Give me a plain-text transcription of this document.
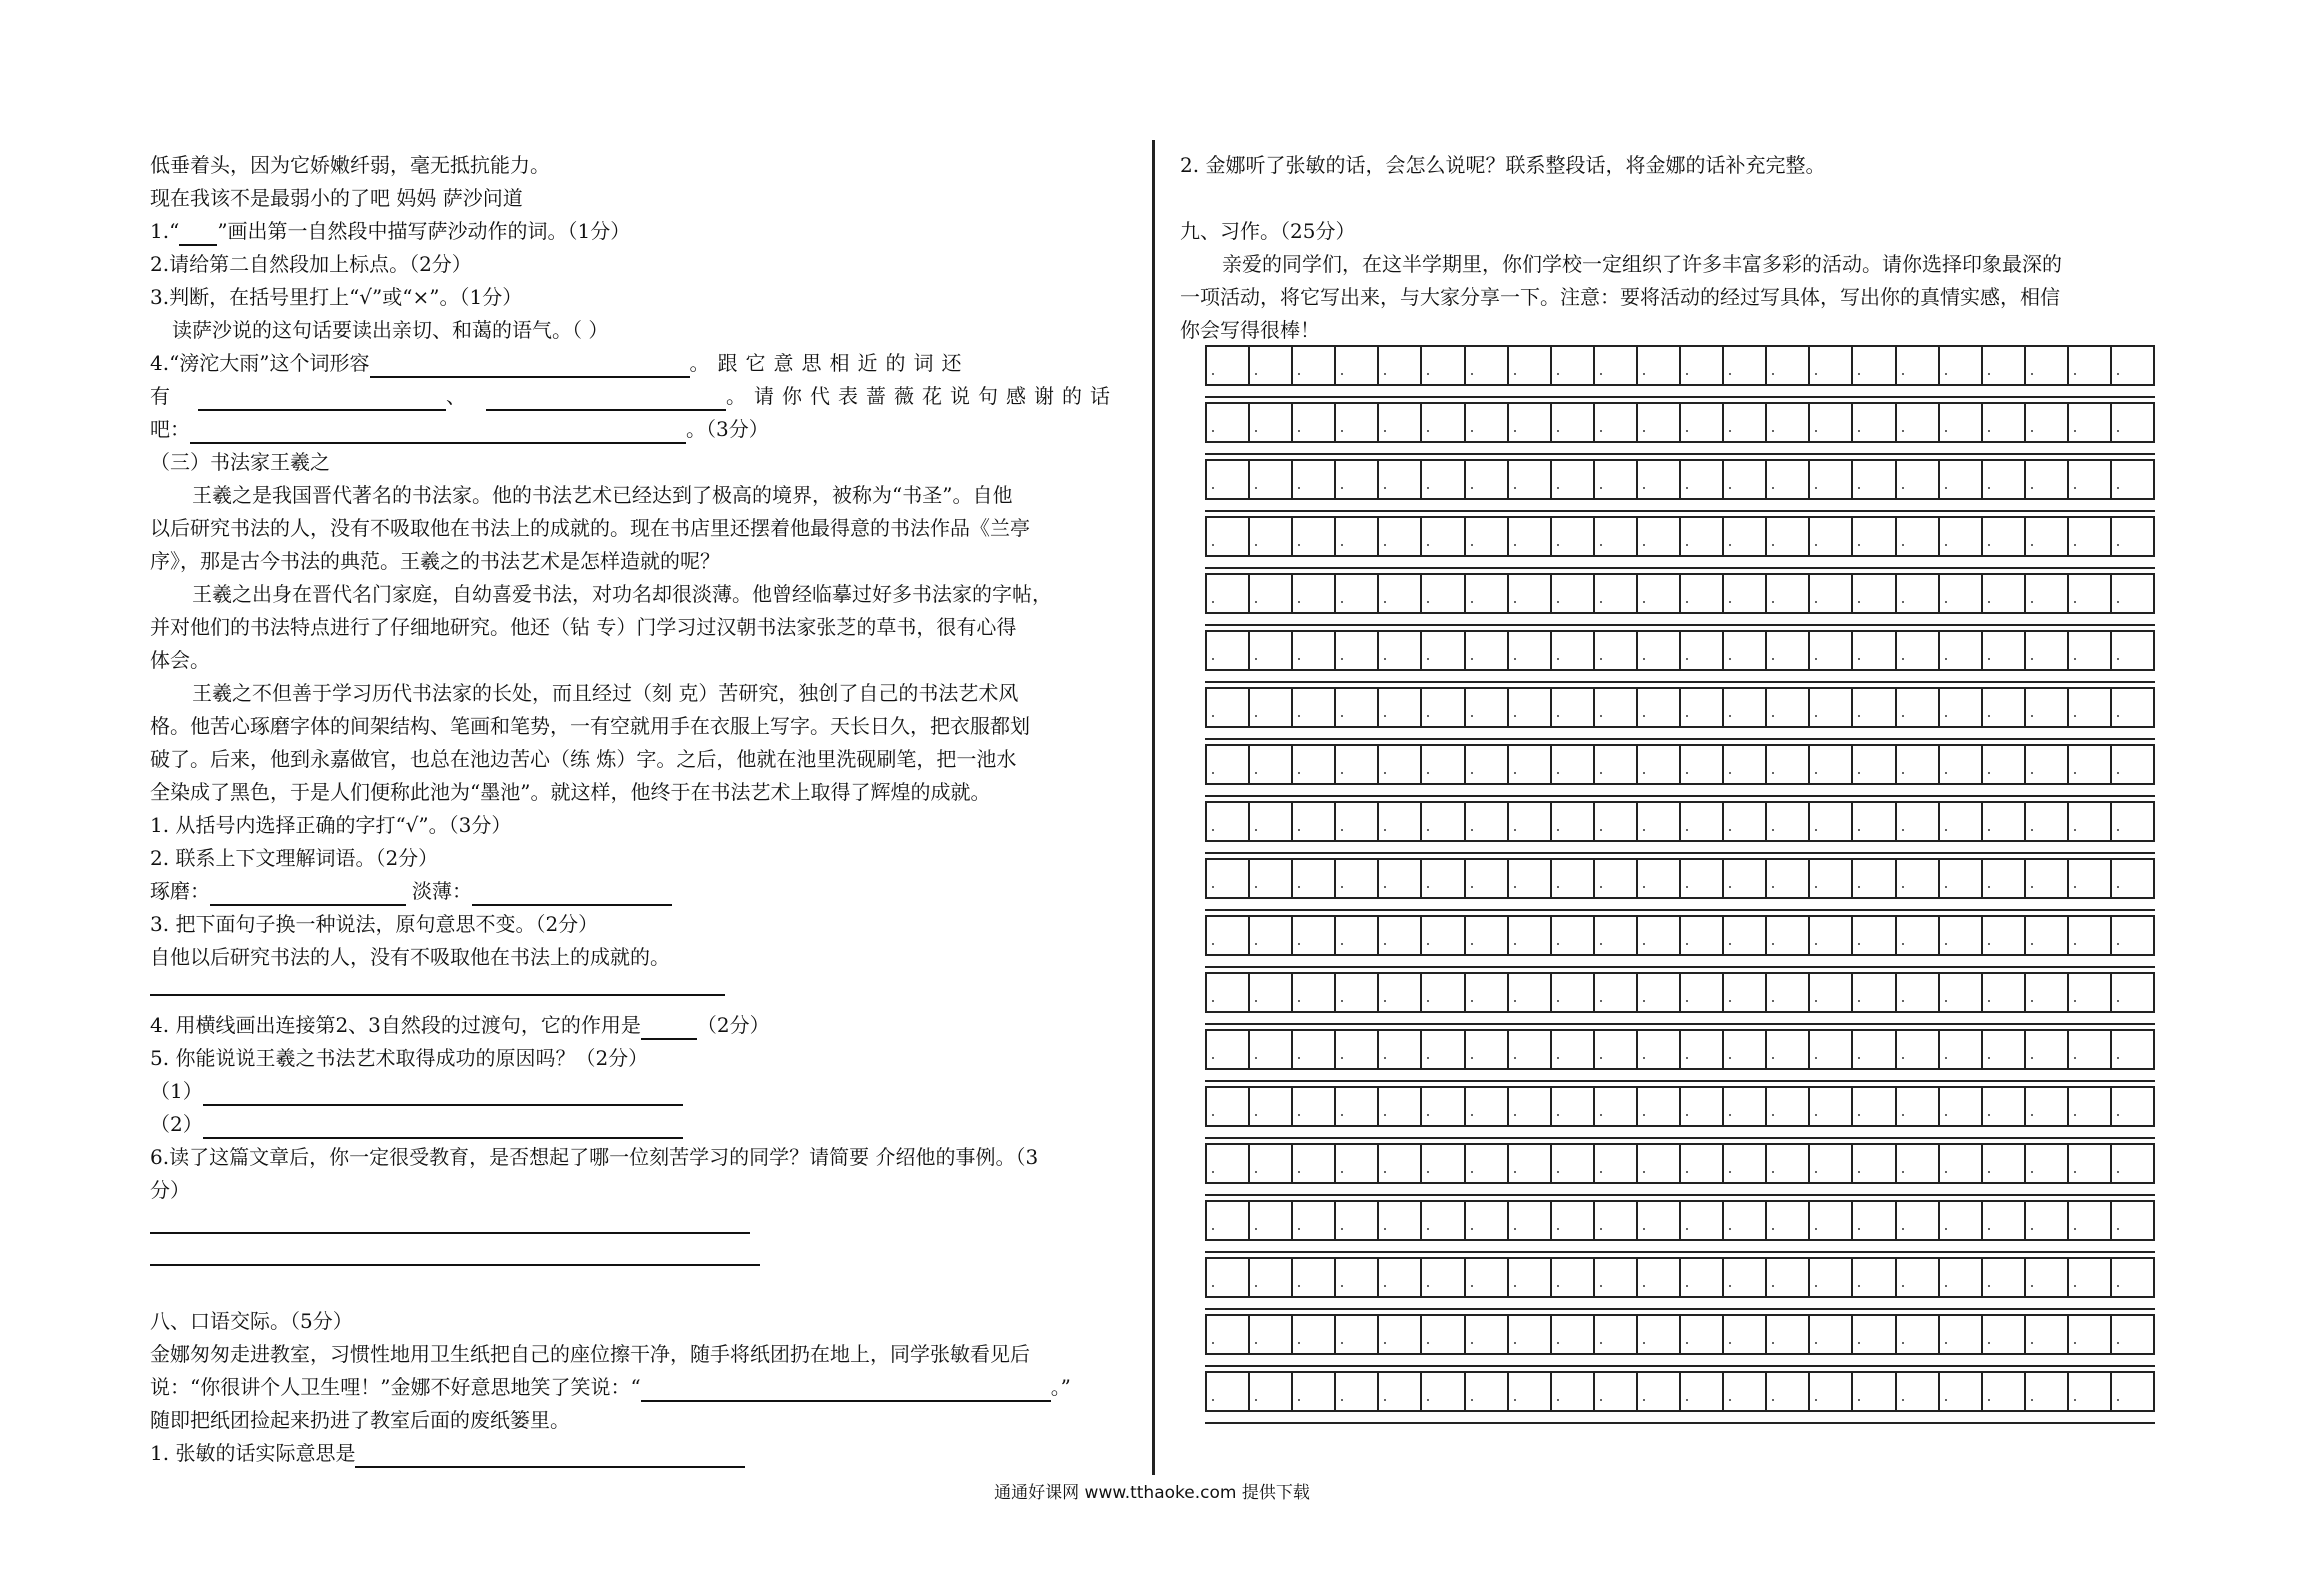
低垂着头，因为它娇嫩纤弱，毫无抵抗能力。
现在我该不是最弱小的了吧 妈妈 萨沙问道
1.“ ”画出第一自然段中描写萨沙动作的词。（1分）
2.请给第二自然段加上标点。（2分）
3.判断，在括号里打上“√”或“×”。（1分）
读萨沙说的这句话要读出亲切、和蔼的语气。（ ）
4.“滂沱大雨”这个词形容	。跟它意思相近的词还
有	、	。请你代表蔷薇花说句感谢的话
吧：	。（3分）
（三）书法家王羲之
王羲之是我国晋代著名的书法家。他的书法艺术已经达到了极高的境界，被称为“书圣”。自他
以后研究书法的人，没有不吸取他在书法上的成就的。现在书店里还摆着他最得意的书法作品《兰亭
序》，那是古今书法的典范。王羲之的书法艺术是怎样造就的呢？
王羲之出身在晋代名门家庭，自幼喜爱书法，对功名却很淡薄。他曾经临摹过好多书法家的字帖，
并对他们的书法特点进行了仔细地研究。他还（钻 专）门学习过汉朝书法家张芝的草书，很有心得
体会。
王羲之不但善于学习历代书法家的长处，而且经过（刻 克）苦研究，独创了自己的书法艺术风
格。他苦心琢磨字体的间架结构、笔画和笔势，一有空就用手在衣服上写字。天长日久，把衣服都划
破了。后来，他到永嘉做官，也总在池边苦心（练 炼）字。之后，他就在池里洗砚刷笔，把一池水
全染成了黑色，于是人们便称此池为“墨池”。就这样，他终于在书法艺术上取得了辉煌的成就。
1. 从括号内选择正确的字打“√”。（3分）
2. 联系上下文理解词语。（2分）
琢磨：	淡薄：
3. 把下面句子换一种说法，原句意思不变。（2分）
自他以后研究书法的人，没有不吸取他在书法上的成就的。
4. 用横线画出连接第2、3自然段的过渡句，它的作用是	（2分）
5. 你能说说王羲之书法艺术取得成功的原因吗？（2分）
（1）
（2）
6.读了这篇文章后，你一定很受教育，是否想起了哪一位刻苦学习的同学？请简要 介绍他的事例。（3
分）
八、口语交际。（5分）
金娜匆匆走进教室，习惯性地用卫生纸把自己的座位擦干净，随手将纸团扔在地上，同学张敏看见后
说：“你很讲个人卫生哩！”金娜不好意思地笑了笑说：“	。”
随即把纸团捡起来扔进了教室后面的废纸篓里。
1. 张敏的话实际意思是
2. 金娜听了张敏的话，会怎么说呢？联系整段话，将金娜的话补充完整。
九、习作。（25分）
亲爱的同学们，在这半学期里，你们学校一定组织了许多丰富多彩的活动。请你选择印象最深的
一项活动，将它写出来，与大家分享一下。注意：要将活动的经过写具体，写出你的真情实感，相信
你会写得很棒！
通通好课网 www.tthaoke.com 提供下载
